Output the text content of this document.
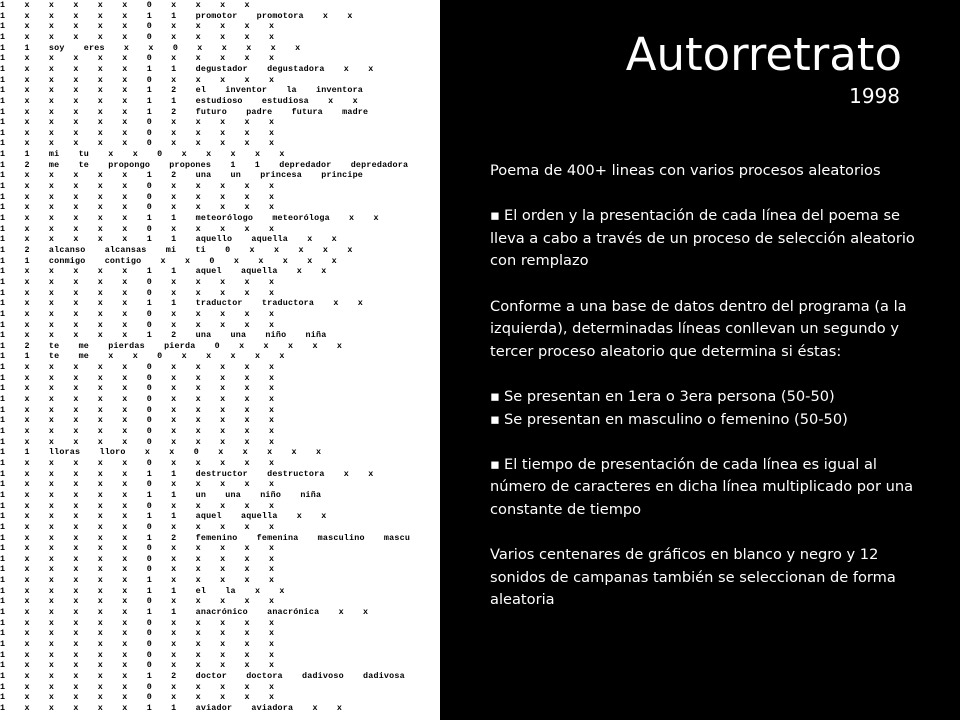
1 x x x x x 0 x x x x
1 x x x x x 1 1 promotor promotora x x
1 x x x x x 0 x x x x x
1 x x x x x 0 x x x x x
1 1 soy eres x x 0 x x x x x
1 x x x x x 0 x x x x x
1 x x x x x 1 1 degustador degustadora x x
1 x x x x x 0 x x x x x
1 x x x x x 1 2 el inventor la inventora
1 x x x x x 1 1 estudioso estudiosa x x
1 x x x x x 1 2 futuro padre futura madre
1 x x x x x 0 x x x x x
1 x x x x x 0 x x x x x
1 x x x x x 0 x x x x x
1 1 mi tu x x 0 x x x x x
1 2 me te propongo propones 1 1 depredador depredadora
1 x x x x x 1 2 una un princesa principe
1 x x x x x 0 x x x x x
1 x x x x x 0 x x x x x
1 x x x x x 0 x x x x x
1 x x x x x 1 1 meteorólogo meteoróloga x x
1 x x x x x 0 x x x x x
1 x x x x x 1 1 aquello aquella x x
1 2 alcanso alcansas mi ti 0 x x x x x
1 1 conmigo contigo x x 0 x x x x x
1 x x x x x 1 1 aquel aquella x x
1 x x x x x 0 x x x x x
1 x x x x x 0 x x x x x
1 x x x x x 1 1 traductor traductora x x
1 x x x x x 0 x x x x x
1 x x x x x 0 x x x x x
1 x x x x x 1 2 una una niño niña
1 2 te me pierdas pierda 0 x x x x x
1 1 te me x x 0 x x x x x
1 x x x x x 0 x x x x x
1 x x x x x 0 x x x x x
1 x x x x x 0 x x x x x
1 x x x x x 0 x x x x x
1 x x x x x 0 x x x x x
1 x x x x x 0 x x x x x
1 x x x x x 0 x x x x x
1 x x x x x 0 x x x x x
1 1 lloras lloro x x 0 x x x x x
1 x x x x x 0 x x x x x
1 x x x x x 1 1 destructor destructora x x
1 x x x x x 0 x x x x x
1 x x x x x 1 1 un una niño niña
1 x x x x x 0 x x x x x
1 x x x x x 1 1 aquel aquella x x
1 x x x x x 0 x x x x x
1 x x x x x 1 2 femenino femenina masculino mascu
1 x x x x x 0 x x x x x
1 x x x x x 0 x x x x x
1 x x x x x 0 x x x x x
1 x x x x x 1 x x x x x
1 x x x x x 1 1 el la x x
1 x x x x x 0 x x x x x
1 x x x x x 1 1 anacrónico anacrónica x x
1 x x x x x 0 x x x x x
1 x x x x x 0 x x x x x
1 x x x x x 0 x x x x x
1 x x x x x 0 x x x x x
1 x x x x x 0 x x x x x
1 x x x x x 1 2 doctor doctora dadivoso dadivosa
1 x x x x x 0 x x x x x
1 x x x x x 0 x x x x x
1 x x x x x 1 1 aviador aviadora x x
Autorretrato
1998

Poema de 400+ lineas con varios procesos aleatorios

▪ El orden y la presentación de cada línea del poema se lleva a cabo a través de un proceso de selección aleatorio con remplazo

Conforme a una base de datos dentro del programa (a la izquierda), determinadas líneas conllevan un segundo y tercer proceso aleatorio que determina si éstas:

▪ Se presentan en 1era o 3era persona (50-50)

▪ Se presentan en masculino o femenino (50-50)

▪ El tiempo de presentación de cada línea es igual al número de caracteres en dicha línea multiplicado por una constante de tiempo

Varios centenares de gráficos en blanco y negro y 12 sonidos de campanas también se seleccionan de forma aleatoria
